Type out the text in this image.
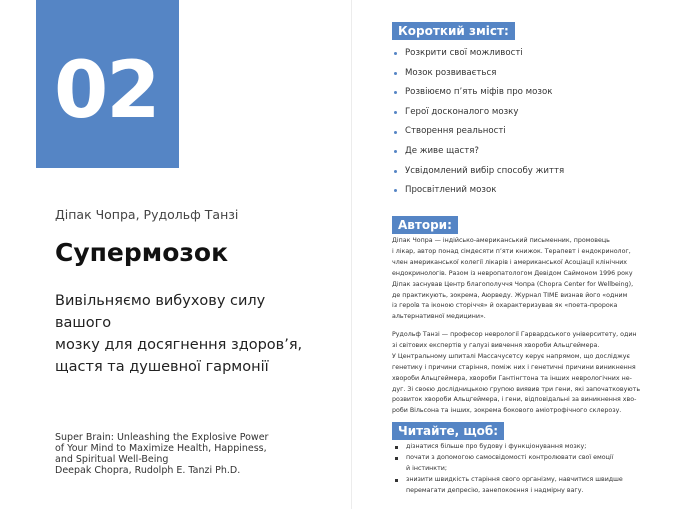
02
Діпак Чопра, Рудольф Танзі
Супермозок
Вивільняємо вибухову силу вашого
мозку для досягнення здоров’я,
щастя та душевної гармонії
Super Brain: Unleashing the Explosive Power
of Your Mind to Maximize Health, Happiness,
and Spiritual Well-Being
Deepak Chopra, Rudolph E. Tanzi Ph.D.
Короткий зміст:
Розкрити свої можливості
Мозок розвивається
Розвіюємо п’ять міфів про мозок
Герої досконалого мозку
Створення реальності
Де живе щастя?
Усвідомлений вибір способу життя
Просвітлений мозок
Автори:
Діпак Чопра — індійсько-американський письменник, промовець
і лікар, автор понад сімдесяти п’яти книжок. Терапевт і ендокринолог,
член американської колегії лікарів і американської Асоціації клінічних
ендокринологів. Разом із невропатологом Девідом Саймоном 1996 року
Діпак заснував Центр благополуччя Чопра (Chopra Center for Wellbeing),
де практикують, зокрема, Аюрведу. Журнал TIME визнав його «одним
із героїв та іконою сторіччя» й охарактеризував як «поета-пророка
альтернативної медицини».
Рудольф Танзі — професор неврології Гарвардського університету, один
зі світових експертів у галузі вивчення хвороби Альцгеймера.
У Центральному шпиталі Массачусетсу керує напрямом, що досліджує
генетику і причини старіння, поміж них і генетичні причини виникнення
хвороби Альцгеймера, хвороби Гантінгтона та інших неврологічних не-
дуг. Зі своєю дослідницькою групою виявив три гени, які започатковують
розвиток хвороби Альцгеймера, і гени, відповідальні за виникнення хво-
роби Вільсона та інших, зокрема бокового аміотрофічного склерозу.
Читайте, щоб:
дізнатися більше про будову і функціонування мозку;
почати з допомогою самосвідомості контролювати свої емоції
й інстинкти;
знизити швидкість старіння свого організму, навчитися швидше
перемагати депресію, занепокоєння і надмірну вагу.
